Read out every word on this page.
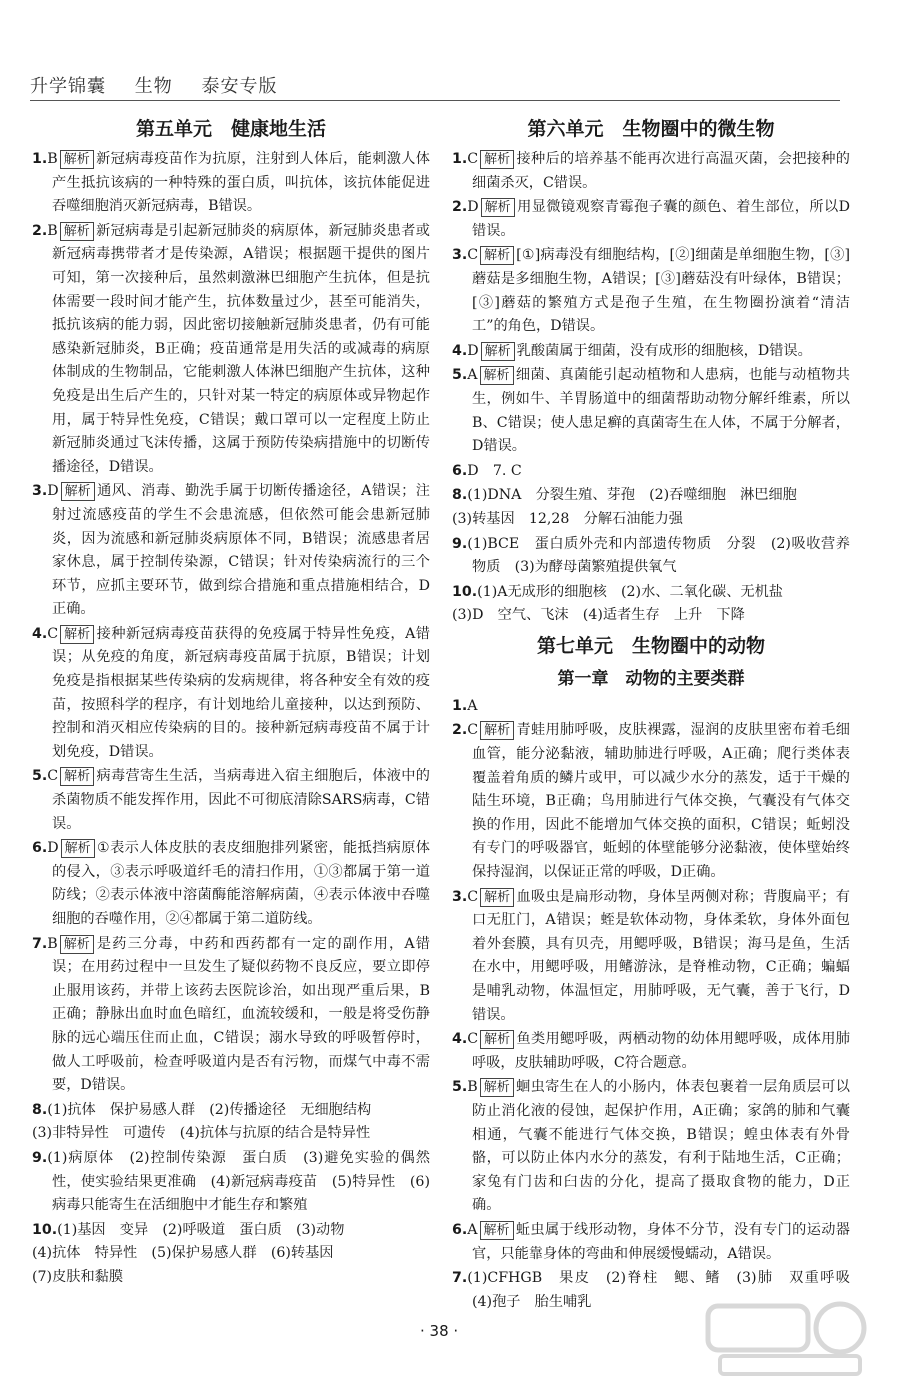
升学锦囊 生物 泰安专版
第五单元　健康地生活
1.B 解析 新冠病毒疫苗作为抗原，注射到人体后，能刺激人体产生抵抗该病的一种特殊的蛋白质，叫抗体，该抗体能促进吞噬细胞消灭新冠病毒，B错误。
2.B 解析 新冠病毒是引起新冠肺炎的病原体，新冠肺炎患者或新冠病毒携带者才是传染源，A错误；根据题干提供的图片可知，第一次接种后，虽然刺激淋巴细胞产生抗体，但是抗体需要一段时间才能产生，抗体数量过少，甚至可能消失，抵抗该病的能力弱，因此密切接触新冠肺炎患者，仍有可能感染新冠肺炎，B正确；疫苗通常是用失活的或减毒的病原体制成的生物制品，它能刺激人体淋巴细胞产生抗体，这种免疫是出生后产生的，只针对某一特定的病原体或异物起作用，属于特异性免疫，C错误；戴口罩可以一定程度上防止新冠肺炎通过飞沫传播，这属于预防传染病措施中的切断传播途径，D错误。
3.D 解析 通风、消毒、勤洗手属于切断传播途径，A错误；注射过流感疫苗的学生不会患流感，但依然可能会患新冠肺炎，因为流感和新冠肺炎病原体不同，B错误；流感患者居家休息，属于控制传染源，C错误；针对传染病流行的三个环节，应抓主要环节，做到综合措施和重点措施相结合，D正确。
4.C 解析 接种新冠病毒疫苗获得的免疫属于特异性免疫，A错误；从免疫的角度，新冠病毒疫苗属于抗原，B错误；计划免疫是指根据某些传染病的发病规律，将各种安全有效的疫苗，按照科学的程序，有计划地给儿童接种，以达到预防、控制和消灭相应传染病的目的。接种新冠病毒疫苗不属于计划免疫，D错误。
5.C 解析 病毒营寄生生活，当病毒进入宿主细胞后，体液中的杀菌物质不能发挥作用，因此不可彻底清除SARS病毒，C错误。
6.D 解析 ①表示人体皮肤的表皮细胞排列紧密，能抵挡病原体的侵入，③表示呼吸道纤毛的清扫作用，①③都属于第一道防线；②表示体液中溶菌酶能溶解病菌，④表示体液中吞噬细胞的吞噬作用，②④都属于第二道防线。
7.B 解析 是药三分毒，中药和西药都有一定的副作用，A错误；在用药过程中一旦发生了疑似药物不良反应，要立即停止服用该药，并带上该药去医院诊治，如出现严重后果，B正确；静脉出血时血色暗红，血流较缓和，一般是将受伤静脉的远心端压住而止血，C错误；溺水导致的呼吸暂停时，做人工呼吸前，检查呼吸道内是否有污物，而煤气中毒不需要，D错误。
8.(1)抗体　保护易感人群　(2)传播途径　无细胞结构
(3)非特异性　可遗传　(4)抗体与抗原的结合是特异性
9.(1)病原体　(2)控制传染源　蛋白质　(3)避免实验的偶然性，使实验结果更准确　(4)新冠病毒疫苗　(5)特异性　(6)病毒只能寄生在活细胞中才能生存和繁殖
10.(1)基因　变异　(2)呼吸道　蛋白质　(3)动物
(4)抗体　特异性　(5)保护易感人群　(6)转基因
(7)皮肤和黏膜
第六单元　生物圈中的微生物
1.C 解析 接种后的培养基不能再次进行高温灭菌，会把接种的细菌杀灭，C错误。
2.D 解析 用显微镜观察青霉孢子囊的颜色、着生部位，所以D错误。
3.C 解析 [①]病毒没有细胞结构，[②]细菌是单细胞生物，[③]蘑菇是多细胞生物，A错误；[③]蘑菇没有叶绿体，B错误；[③]蘑菇的繁殖方式是孢子生殖，在生物圈扮演着“清洁工”的角色，D错误。
4.D 解析 乳酸菌属于细菌，没有成形的细胞核，D错误。
5.A 解析 细菌、真菌能引起动植物和人患病，也能与动植物共生，例如牛、羊胃肠道中的细菌帮助动物分解纤维素，所以B、C错误；使人患足癣的真菌寄生在人体，不属于分解者，D错误。
6.D　7. C
8.(1)DNA　分裂生殖、芽孢　(2)吞噬细胞　淋巴细胞
(3)转基因　12,28　分解石油能力强
9.(1)BCE　蛋白质外壳和内部遗传物质　分裂　(2)吸收营养物质　(3)为酵母菌繁殖提供氧气
10.(1)A无成形的细胞核　(2)水、二氧化碳、无机盐
(3)D　空气、飞沫　(4)适者生存　上升　下降
第七单元　生物圈中的动物
第一章　动物的主要类群
1.A
2.C 解析 青蛙用肺呼吸，皮肤裸露，湿润的皮肤里密布着毛细血管，能分泌黏液，辅助肺进行呼吸，A正确；爬行类体表覆盖着角质的鳞片或甲，可以减少水分的蒸发，适于干燥的陆生环境，B正确；鸟用肺进行气体交换，气囊没有气体交换的作用，因此不能增加气体交换的面积，C错误；蚯蚓没有专门的呼吸器官，蚯蚓的体壁能够分泌黏液，使体壁始终保持湿润，以保证正常的呼吸，D正确。
3.C 解析 血吸虫是扁形动物，身体呈两侧对称；背腹扁平；有口无肛门，A错误；蛭是软体动物，身体柔软，身体外面包着外套膜，具有贝壳，用鳃呼吸，B错误；海马是鱼，生活在水中，用鳃呼吸，用鳍游泳，是脊椎动物，C正确；蝙蝠是哺乳动物，体温恒定，用肺呼吸，无气囊，善于飞行，D错误。
4.C 解析 鱼类用鳃呼吸，两栖动物的幼体用鳃呼吸，成体用肺呼吸，皮肤辅助呼吸，C符合题意。
5.B 解析 蛔虫寄生在人的小肠内，体表包裹着一层角质层可以防止消化液的侵蚀，起保护作用，A正确；家鸽的肺和气囊相通，气囊不能进行气体交换，B错误；蝗虫体表有外骨骼，可以防止体内水分的蒸发，有利于陆地生活，C正确；家兔有门齿和臼齿的分化，提高了摄取食物的能力，D正确。
6.A 解析 蚯虫属于线形动物，身体不分节，没有专门的运动器官，只能靠身体的弯曲和伸展缓慢蠕动，A错误。
7.(1)CFHGB　果皮　(2)脊柱　鳃、鳍　(3)肺　双重呼吸　(4)孢子　胎生哺乳
· 38 ·
